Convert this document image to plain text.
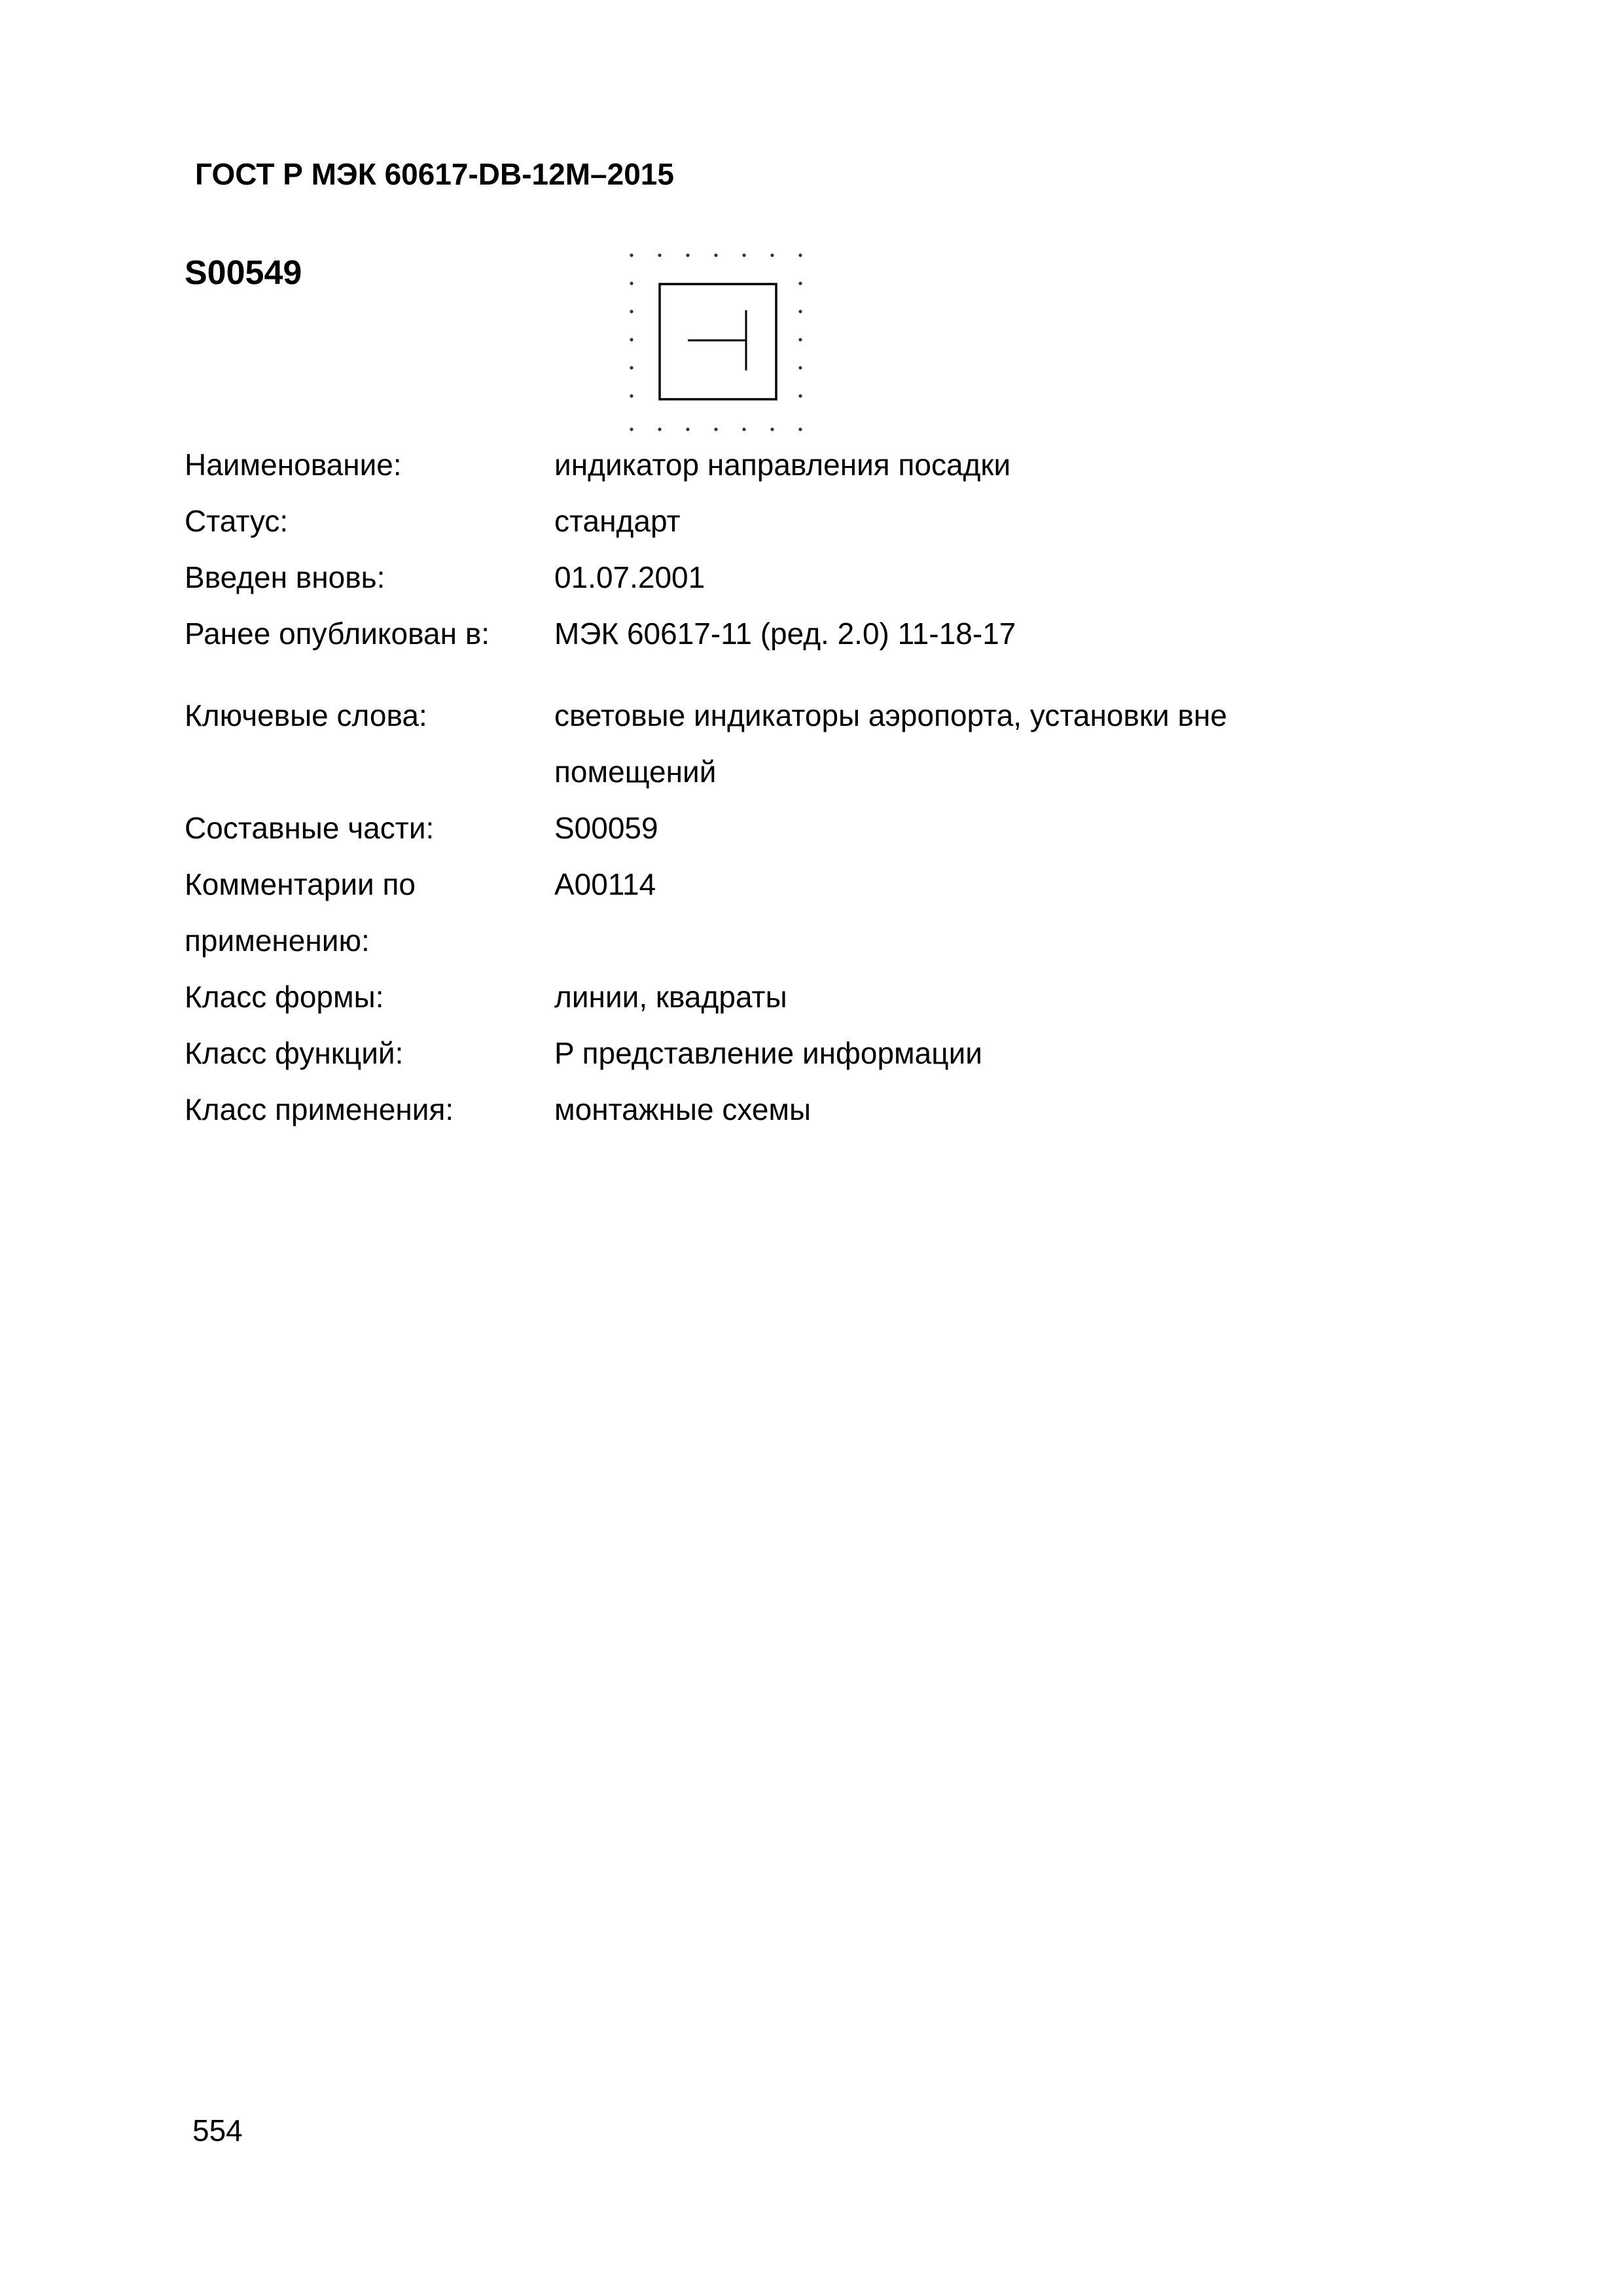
ГОСТ Р МЭК 60617-DB-12M–2015
S00549
Наименование:	индикатор направления посадки
Статус:	стандарт
Введен вновь:	01.07.2001
Ранее опубликован в:	МЭК 60617-11 (ред. 2.0) 11-18-17
Ключевые слова:	световые индикаторы аэропорта, установки вне
помещений
Составные части:	S00059
Комментарии по	A00114
применению:
Класс формы:	линии, квадраты
Класс функций:	P представление информации
Класс применения:	монтажные схемы
554
